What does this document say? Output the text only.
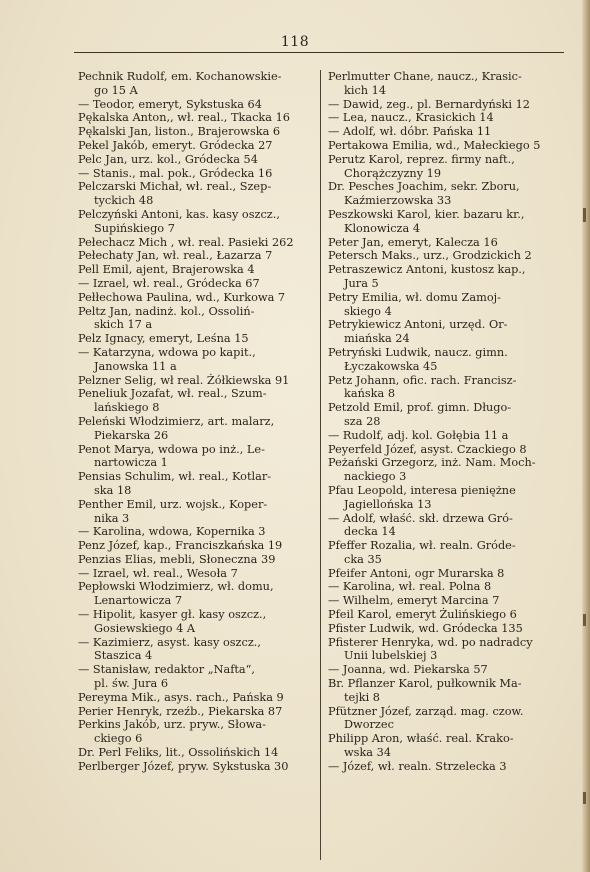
118
Pechnik Rudolf, em. Kochanowskie-
go 15 A
— Teodor, emeryt, Sykstuska 64
Pękalska Anton,, wł. real., Tkacka 16
Pękalski Jan, liston., Brajerowska 6
Pekel Jakób, emeryt. Gródecka 27
Pelc Jan, urz. kol., Gródecka 54
— Stanis., mal. pok., Gródecka 16
Pelczarski Michał, wł. real., Szep-
tyckich 48
Pelczyński Antoni, kas. kasy oszcz.,
Supińskiego 7
Pełechacz Mich , wł. real. Pasieki 262
Pełechaty Jan, wł. real., Łazarza 7
Pell Emil, ajent, Brajerowska 4
— Izrael, wł. real., Gródecka 67
Pełłechowa Paulina, wd., Kurkowa 7
Peltz Jan, nadinż. kol., Ossoliń-
skich 17 a
Pelz Ignacy, emeryt, Leśna 15
— Katarzyna, wdowa po kapit.,
Janowska 11 a
Pelzner Selig, wł real. Żółkiewska 91
Peneliuk Jozafat, wł. real., Szum-
lańskiego 8
Peleński Włodzimierz, art. malarz,
Piekarska 26
Penot Marya, wdowa po inż., Le-
nartowicza 1
Pensias Schulim, wł. real., Kotlar-
ska 18
Penther Emil, urz. wojsk., Koper-
nika 3
— Karolina, wdowa, Kopernika 3
Penz Józef, kap., Franciszkańska 19
Penzias Elias, mebli, Słoneczna 39
— Izrael, wł. real., Wesoła 7
Pepłowski Włodzimierz, wł. domu,
Lenartowicza 7
— Hipolit, kasyer gł. kasy oszcz.,
Gosiewskiego 4 A
— Kazimierz, asyst. kasy oszcz.,
Staszica 4
— Stanisław, redaktor „Nafta“,
pl. św. Jura 6
Pereyma Mik., asys. rach., Pańska 9
Perier Henryk, rzeźb., Piekarska 87
Perkins Jakób, urz. pryw., Słowa-
ckiego 6
Dr. Perl Feliks, lit., Ossolińskich 14
Perlberger Józef, pryw. Sykstuska 30
Perlmutter Chane, naucz., Krasic-
kich 14
— Dawid, zeg., pl. Bernardyński 12
— Lea, naucz., Krasickich 14
— Adolf, wł. dóbr. Pańska 11
Pertakowa Emilia, wd., Małeckiego 5
Perutz Karol, reprez. firmy naft.,
Chorążczyzny 19
Dr. Pesches Joachim, sekr. Zboru,
Kaźmierzowska 33
Peszkowski Karol, kier. bazaru kr.,
Klonowicza 4
Peter Jan, emeryt, Kalecza 16
Petersch Maks., urz., Grodzickich 2
Petraszewicz Antoni, kustosz kap.,
Jura 5
Petry Emilia, wł. domu Zamoj-
skiego 4
Petrykiewicz Antoni, urzęd. Or-
miańska 24
Petryński Ludwik, naucz. gimn.
Łyczakowska 45
Petz Johann, ofic. rach. Francisz-
kańska 8
Petzold Emil, prof. gimn. Długo-
sza 28
— Rudolf, adj. kol. Gołębia 11 a
Peyerfeld Józef, asyst. Czackiego 8
Peżański Grzegorz, inż. Nam. Moch-
nackiego 3
Pfau Leopold, interesa pieniężne
Jagiellońska 13
— Adolf, właść. skł. drzewa Gró-
decka 14
Pfeffer Rozalia, wł. realn. Gróde-
cka 35
Pfeifer Antoni, ogr Murarska 8
— Karolina, wł. real. Polna 8
— Wilhelm, emeryt Marcina 7
Pfeil Karol, emeryt Żulińskiego 6
Pfister Ludwik, wd. Gródecka 135
Pfisterer Henryka, wd. po nadradcy
Unii lubelskiej 3
— Joanna, wd. Piekarska 57
Br. Pflanzer Karol, pułkownik Ma-
tejki 8
Pfützner Józef, zarząd. mag. czow.
Dworzec
Philipp Aron, właść. real. Krako-
wska 34
— Józef, wł. realn. Strzelecka 3
